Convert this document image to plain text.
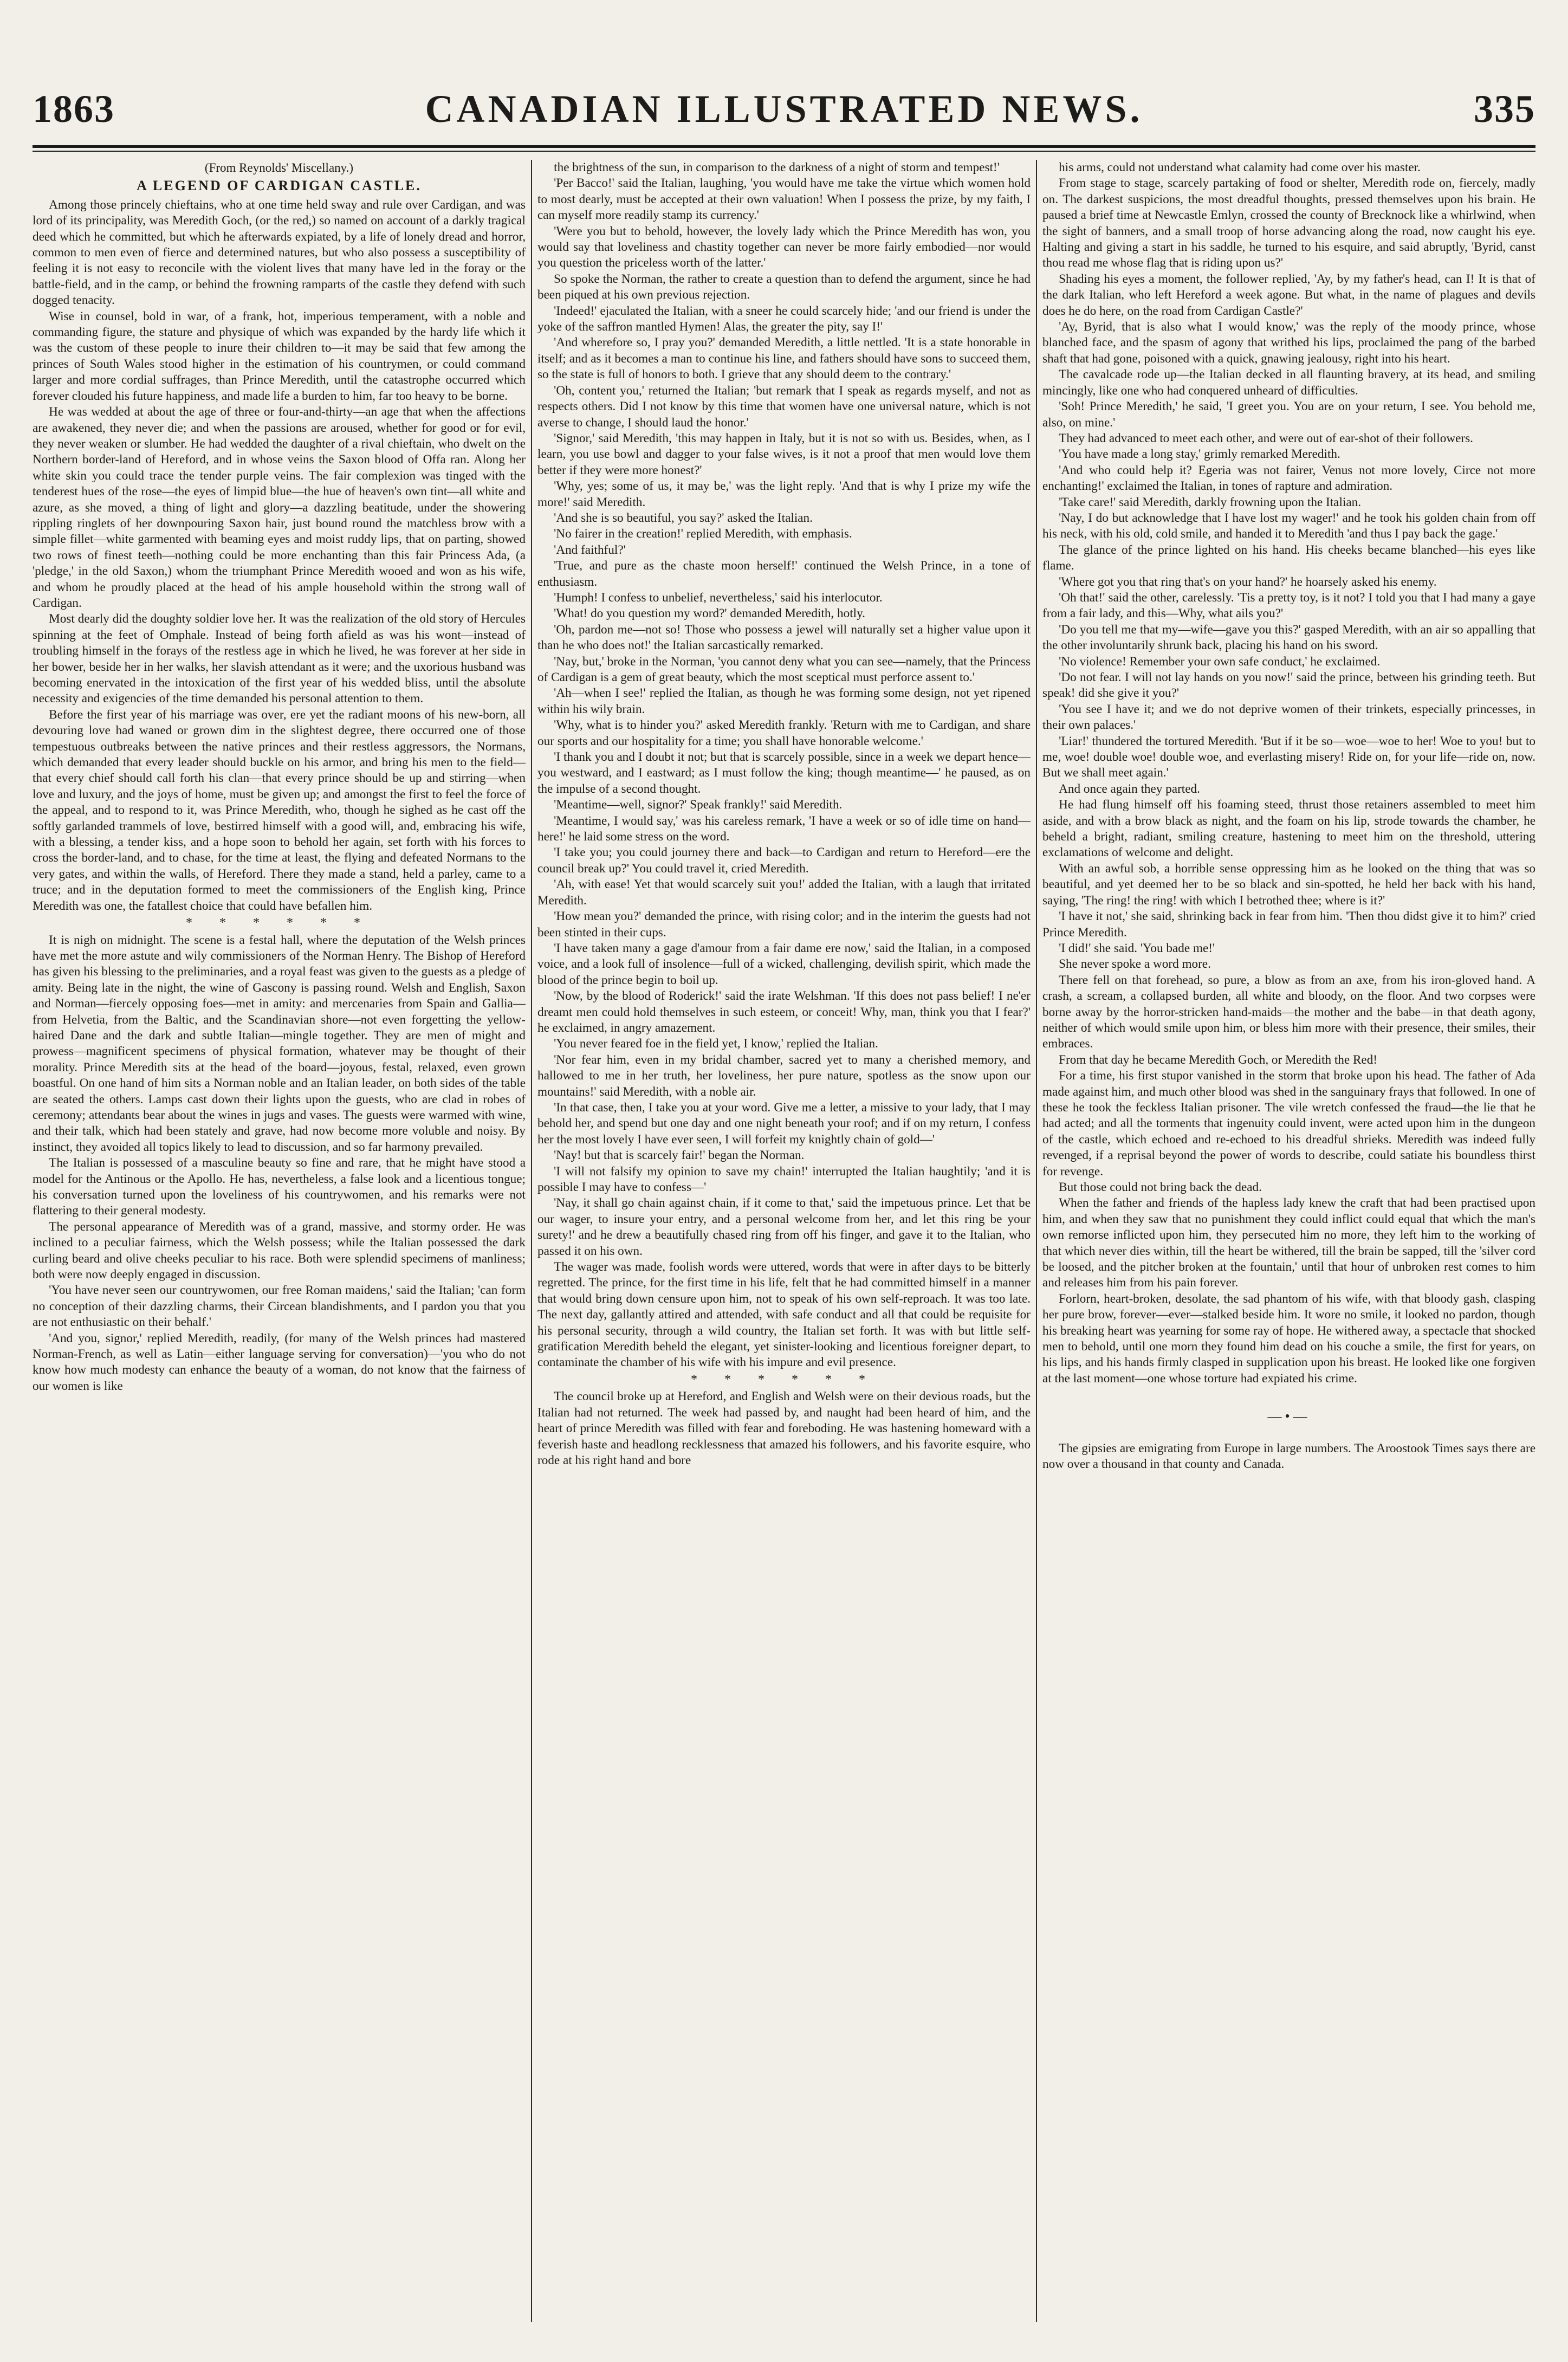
1863	CANADIAN ILLUSTRATED NEWS.	335
(From Reynolds' Miscellany.)
A LEGEND OF CARDIGAN CASTLE.

Among those princely chieftains, who at one time held sway and rule over Cardigan, and was lord of its principality, was Meredith Goch, (or the red,) so named on account of a darkly tragical deed which he committed, but which he afterwards expiated, by a life of lonely dread and horror, common to men even of fierce and determined natures, but who also possess a susceptibility of feeling it is not easy to reconcile with the violent lives that many have led in the foray or the battle-field, and in the camp, or behind the frowning ramparts of the castle they defend with such dogged tenacity.

Wise in counsel, bold in war, of a frank, hot, imperious temperament, with a noble and commanding figure, the stature and physique of which was expanded by the hardy life which it was the custom of these people to inure their children to—it may be said that few among the princes of South Wales stood higher in the estimation of his countrymen, or could command larger and more cordial suffrages, than Prince Meredith, until the catastrophe occurred which forever clouded his future happiness, and made life a burden to him, far too heavy to be borne.

He was wedded at about the age of three or four-and-thirty—an age that when the affections are awakened, they never die; and when the passions are aroused, whether for good or for evil, they never weaken or slumber. He had wedded the daughter of a rival chieftain, who dwelt on the Northern border-land of Hereford, and in whose veins the Saxon blood of Offa ran. Along her white skin you could trace the tender purple veins. The fair complexion was tinged with the tenderest hues of the rose—the eyes of limpid blue—the hue of heaven's own tint—all white and azure, as she moved, a thing of light and glory—a dazzling beatitude, under the showering rippling ringlets of her downpouring Saxon hair, just bound round the matchless brow with a simple fillet—white garmented with beaming eyes and moist ruddy lips, that on parting, showed two rows of finest teeth—nothing could be more enchanting than this fair Princess Ada, (a 'pledge,' in the old Saxon,) whom the triumphant Prince Meredith wooed and won as his wife, and whom he proudly placed at the head of his ample household within the strong wall of Cardigan.

Most dearly did the doughty soldier love her. It was the realization of the old story of Hercules spinning at the feet of Omphale. Instead of being forth afield as was his wont—instead of troubling himself in the forays of the restless age in which he lived, he was forever at her side in her bower, beside her in her walks, her slavish attendant as it were; and the uxorious husband was becoming enervated in the intoxication of the first year of his wedded bliss, until the absolute necessity and exigencies of the time demanded his personal attention to them.

Before the first year of his marriage was over, ere yet the radiant moons of his new-born, all devouring love had waned or grown dim in the slightest degree, there occurred one of those tempestuous outbreaks between the native princes and their restless aggressors, the Normans, which demanded that every leader should buckle on his armor, and bring his men to the field—that every chief should call forth his clan—that every prince should be up and stirring—when love and luxury, and the joys of home, must be given up; and amongst the first to feel the force of the appeal, and to respond to it, was Prince Meredith, who, though he sighed as he cast off the softly garlanded trammels of love, bestirred himself with a good will, and, embracing his wife, with a blessing, a tender kiss, and a hope soon to behold her again, set forth with his forces to cross the border-land, and to chase, for the time at least, the flying and defeated Normans to the very gates, and within the walls, of Hereford. There they made a stand, held a parley, came to a truce; and in the deputation formed to meet the commissioners of the English king, Prince Meredith was one, the fatallest choice that could have befallen him.

* * * * * *

It is nigh on midnight. The scene is a festal hall, where the deputation of the Welsh princes have met the more astute and wily commissioners of the Norman Henry. The Bishop of Hereford has given his blessing to the preliminaries, and a royal feast was given to the guests as a pledge of amity. Being late in the night, the wine of Gascony is passing round. Welsh and English, Saxon and Norman—fiercely opposing foes—met in amity: and mercenaries from Spain and Gallia—from Helvetia, from the Baltic, and the Scandinavian shore—not even forgetting the yellow-haired Dane and the dark and subtle Italian—mingle together. They are men of might and prowess—magnificent specimens of physical formation, whatever may be thought of their morality. Prince Meredith sits at the head of the board—joyous, festal, relaxed, even grown boastful. On one hand of him sits a Norman noble and an Italian leader, on both sides of the table are seated the others. Lamps cast down their lights upon the guests, who are clad in robes of ceremony; attendants bear about the wines in jugs and vases. The guests were warmed with wine, and their talk, which had been stately and grave, had now become more voluble and noisy. By instinct, they avoided all topics likely to lead to discussion, and so far harmony prevailed.

The Italian is possessed of a masculine beauty so fine and rare, that he might have stood a model for the Antinous or the Apollo. He has, nevertheless, a false look and a licentious tongue; his conversation turned upon the loveliness of his countrywomen, and his remarks were not flattering to their general modesty.

The personal appearance of Meredith was of a grand, massive, and stormy order. He was inclined to a peculiar fairness, which the Welsh possess; while the Italian possessed the dark curling beard and olive cheeks peculiar to his race. Both were splendid specimens of manliness; both were now deeply engaged in discussion.

'You have never seen our countrywomen, our free Roman maidens,' said the Italian; 'can form no conception of their dazzling charms, their Circean blandishments, and I pardon you that you are not enthusiastic on their behalf.'

'And you, signor,' replied Meredith, readily, (for many of the Welsh princes had mastered Norman-French, as well as Latin—either language serving for conversation)—'you who do not know how much modesty can enhance the beauty of a woman, do not know that the fairness of our women is like

the brightness of the sun, in comparison to the darkness of a night of storm and tempest!'

'Per Bacco!' said the Italian, laughing, 'you would have me take the virtue which women hold to most dearly, must be accepted at their own valuation! When I possess the prize, by my faith, I can myself more readily stamp its currency.'

'Were you but to behold, however, the lovely lady which the Prince Meredith has won, you would say that loveliness and chastity together can never be more fairly embodied—nor would you question the priceless worth of the latter.'

So spoke the Norman, the rather to create a question than to defend the argument, since he had been piqued at his own previous rejection.

'Indeed!' ejaculated the Italian, with a sneer he could scarcely hide; 'and our friend is under the yoke of the saffron mantled Hymen! Alas, the greater the pity, say I!'

'And wherefore so, I pray you?' demanded Meredith, a little nettled. 'It is a state honorable in itself; and as it becomes a man to continue his line, and fathers should have sons to succeed them, so the state is full of honors to both. I grieve that any should deem to the contrary.'

'Oh, content you,' returned the Italian; 'but remark that I speak as regards myself, and not as respects others. Did I not know by this time that women have one universal nature, which is not averse to change, I should laud the honor.'

'Signor,' said Meredith, 'this may happen in Italy, but it is not so with us. Besides, when, as I learn, you use bowl and dagger to your false wives, is it not a proof that men would love them better if they were more honest?'

'Why, yes; some of us, it may be,' was the light reply. 'And that is why I prize my wife the more!' said Meredith.

'And she is so beautiful, you say?' asked the Italian.

'No fairer in the creation!' replied Meredith, with emphasis.

'And faithful?'

'True, and pure as the chaste moon herself!' continued the Welsh Prince, in a tone of enthusiasm.

'Humph! I confess to unbelief, nevertheless,' said his interlocutor.

'What! do you question my word?' demanded Meredith, hotly.

'Oh, pardon me—not so! Those who possess a jewel will naturally set a higher value upon it than he who does not!' the Italian sarcastically remarked.

'Nay, but,' broke in the Norman, 'you cannot deny what you can see—namely, that the Princess of Cardigan is a gem of great beauty, which the most sceptical must perforce assent to.'

'Ah—when I see!' replied the Italian, as though he was forming some design, not yet ripened within his wily brain.

'Why, what is to hinder you?' asked Meredith frankly. 'Return with me to Cardigan, and share our sports and our hospitality for a time; you shall have honorable welcome.'

'I thank you and I doubt it not; but that is scarcely possible, since in a week we depart hence—you westward, and I eastward; as I must follow the king; though meantime—' he paused, as on the impulse of a second thought.

'Meantime—well, signor?' Speak frankly!' said Meredith.

'Meantime, I would say,' was his careless remark, 'I have a week or so of idle time on hand—here!' he laid some stress on the word.

'I take you; you could journey there and back—to Cardigan and return to Hereford—ere the council break up?' You could travel it, cried Meredith.

'Ah, with ease! Yet that would scarcely suit you!' added the Italian, with a laugh that irritated Meredith.

'How mean you?' demanded the prince, with rising color; and in the interim the guests had not been stinted in their cups.

'I have taken many a gage d'amour from a fair dame ere now,' said the Italian, in a composed voice, and a look full of insolence—full of a wicked, challenging, devilish spirit, which made the blood of the prince begin to boil up.

'Now, by the blood of Roderick!' said the irate Welshman. 'If this does not pass belief! I ne'er dreamt men could hold themselves in such esteem, or conceit! Why, man, think you that I fear?' he exclaimed, in angry amazement.

'You never feared foe in the field yet, I know,' replied the Italian.

'Nor fear him, even in my bridal chamber, sacred yet to many a cherished memory, and hallowed to me in her truth, her loveliness, her pure nature, spotless as the snow upon our mountains!' said Meredith, with a noble air.

'In that case, then, I take you at your word. Give me a letter, a missive to your lady, that I may behold her, and spend but one day and one night beneath your roof; and if on my return, I confess her the most lovely I have ever seen, I will forfeit my knightly chain of gold—'

'Nay! but that is scarcely fair!' began the Norman.

'I will not falsify my opinion to save my chain!' interrupted the Italian haughtily; 'and it is possible I may have to confess—'

'Nay, it shall go chain against chain, if it come to that,' said the impetuous prince. Let that be our wager, to insure your entry, and a personal welcome from her, and let this ring be your surety!' and he drew a beautifully chased ring from off his finger, and gave it to the Italian, who passed it on his own.

The wager was made, foolish words were uttered, words that were in after days to be bitterly regretted. The prince, for the first time in his life, felt that he had committed himself in a manner that would bring down censure upon him, not to speak of his own self-reproach. It was too late. The next day, gallantly attired and attended, with safe conduct and all that could be requisite for his personal security, through a wild country, the Italian set forth. It was with but little self-gratification Meredith beheld the elegant, yet sinister-looking and licentious foreigner depart, to contaminate the chamber of his wife with his impure and evil presence.

* * * * * *

The council broke up at Hereford, and English and Welsh were on their devious roads, but the Italian had not returned. The week had passed by, and naught had been heard of him, and the heart of prince Meredith was filled with fear and foreboding. He was hastening homeward with a feverish haste and headlong recklessness that amazed his followers, and his favorite esquire, who rode at his right hand and bore

his arms, could not understand what calamity had come over his master.

From stage to stage, scarcely partaking of food or shelter, Meredith rode on, fiercely, madly on. The darkest suspicions, the most dreadful thoughts, pressed themselves upon his brain. He paused a brief time at Newcastle Emlyn, crossed the county of Brecknock like a whirlwind, when the sight of banners, and a small troop of horse advancing along the road, now caught his eye. Halting and giving a start in his saddle, he turned to his esquire, and said abruptly, 'Byrid, canst thou read me whose flag that is riding upon us?'

Shading his eyes a moment, the follower replied, 'Ay, by my father's head, can I! It is that of the dark Italian, who left Hereford a week agone. But what, in the name of plagues and devils does he do here, on the road from Cardigan Castle?'

'Ay, Byrid, that is also what I would know,' was the reply of the moody prince, whose blanched face, and the spasm of agony that writhed his lips, proclaimed the pang of the barbed shaft that had gone, poisoned with a quick, gnawing jealousy, right into his heart.

The cavalcade rode up—the Italian decked in all flaunting bravery, at its head, and smiling mincingly, like one who had conquered unheard of difficulties.

'Soh! Prince Meredith,' he said, 'I greet you. You are on your return, I see. You behold me, also, on mine.'

They had advanced to meet each other, and were out of ear-shot of their followers.

'You have made a long stay,' grimly remarked Meredith.

'And who could help it? Egeria was not fairer, Venus not more lovely, Circe not more enchanting!' exclaimed the Italian, in tones of rapture and admiration.

'Take care!' said Meredith, darkly frowning upon the Italian.

'Nay, I do but acknowledge that I have lost my wager!' and he took his golden chain from off his neck, with his old, cold smile, and handed it to Meredith 'and thus I pay back the gage.'

The glance of the prince lighted on his hand. His cheeks became blanched—his eyes like flame.

'Where got you that ring that's on your hand?' he hoarsely asked his enemy.

'Oh that!' said the other, carelessly. 'Tis a pretty toy, is it not? I told you that I had many a gaye from a fair lady, and this—Why, what ails you?'

'Do you tell me that my—wife—gave you this?' gasped Meredith, with an air so appalling that the other involuntarily shrunk back, placing his hand on his sword.

'No violence! Remember your own safe conduct,' he exclaimed.

'Do not fear. I will not lay hands on you now!' said the prince, between his grinding teeth. But speak! did she give it you?'

'You see I have it; and we do not deprive women of their trinkets, especially princesses, in their own palaces.'

'Liar!' thundered the tortured Meredith. 'But if it be so—woe—woe to her! Woe to you! but to me, woe! double woe! double woe, and everlasting misery! Ride on, for your life—ride on, now. But we shall meet again.'

And once again they parted.

He had flung himself off his foaming steed, thrust those retainers assembled to meet him aside, and with a brow black as night, and the foam on his lip, strode towards the chamber, he beheld a bright, radiant, smiling creature, hastening to meet him on the threshold, uttering exclamations of welcome and delight.

With an awful sob, a horrible sense oppressing him as he looked on the thing that was so beautiful, and yet deemed her to be so black and sin-spotted, he held her back with his hand, saying, 'The ring! the ring! with which I betrothed thee; where is it?'

'I have it not,' she said, shrinking back in fear from him. 'Then thou didst give it to him?' cried Prince Meredith.

'I did!' she said. 'You bade me!'

She never spoke a word more.

There fell on that forehead, so pure, a blow as from an axe, from his iron-gloved hand. A crash, a scream, a collapsed burden, all white and bloody, on the floor. And two corpses were borne away by the horror-stricken hand-maids—the mother and the babe—in that death agony, neither of which would smile upon him, or bless him more with their presence, their smiles, their embraces.

From that day he became Meredith Goch, or Meredith the Red!

For a time, his first stupor vanished in the storm that broke upon his head. The father of Ada made against him, and much other blood was shed in the sanguinary frays that followed. In one of these he took the feckless Italian prisoner. The vile wretch confessed the fraud—the lie that he had acted; and all the torments that ingenuity could invent, were acted upon him in the dungeon of the castle, which echoed and re-echoed to his dreadful shrieks. Meredith was indeed fully revenged, if a reprisal beyond the power of words to describe, could satiate his boundless thirst for revenge.

But those could not bring back the dead.

When the father and friends of the hapless lady knew the craft that had been practised upon him, and when they saw that no punishment they could inflict could equal that which the man's own remorse inflicted upon him, they persecuted him no more, they left him to the working of that which never dies within, till the heart be withered, till the brain be sapped, till the 'silver cord be loosed, and the pitcher broken at the fountain,' until that hour of unbroken rest comes to him and releases him from his pain forever.

Forlorn, heart-broken, desolate, the sad phantom of his wife, with that bloody gash, clasping her pure brow, forever—ever—stalked beside him. It wore no smile, it looked no pardon, though his breaking heart was yearning for some ray of hope. He withered away, a spectacle that shocked men to behold, until one morn they found him dead on his couche a smile, the first for years, on his lips, and his hands firmly clasped in supplication upon his breast. He looked like one forgiven at the last moment—one whose torture had expiated his crime.

—•—

The gipsies are emigrating from Europe in large numbers. The Aroostook Times says there are now over a thousand in that county and Canada.
